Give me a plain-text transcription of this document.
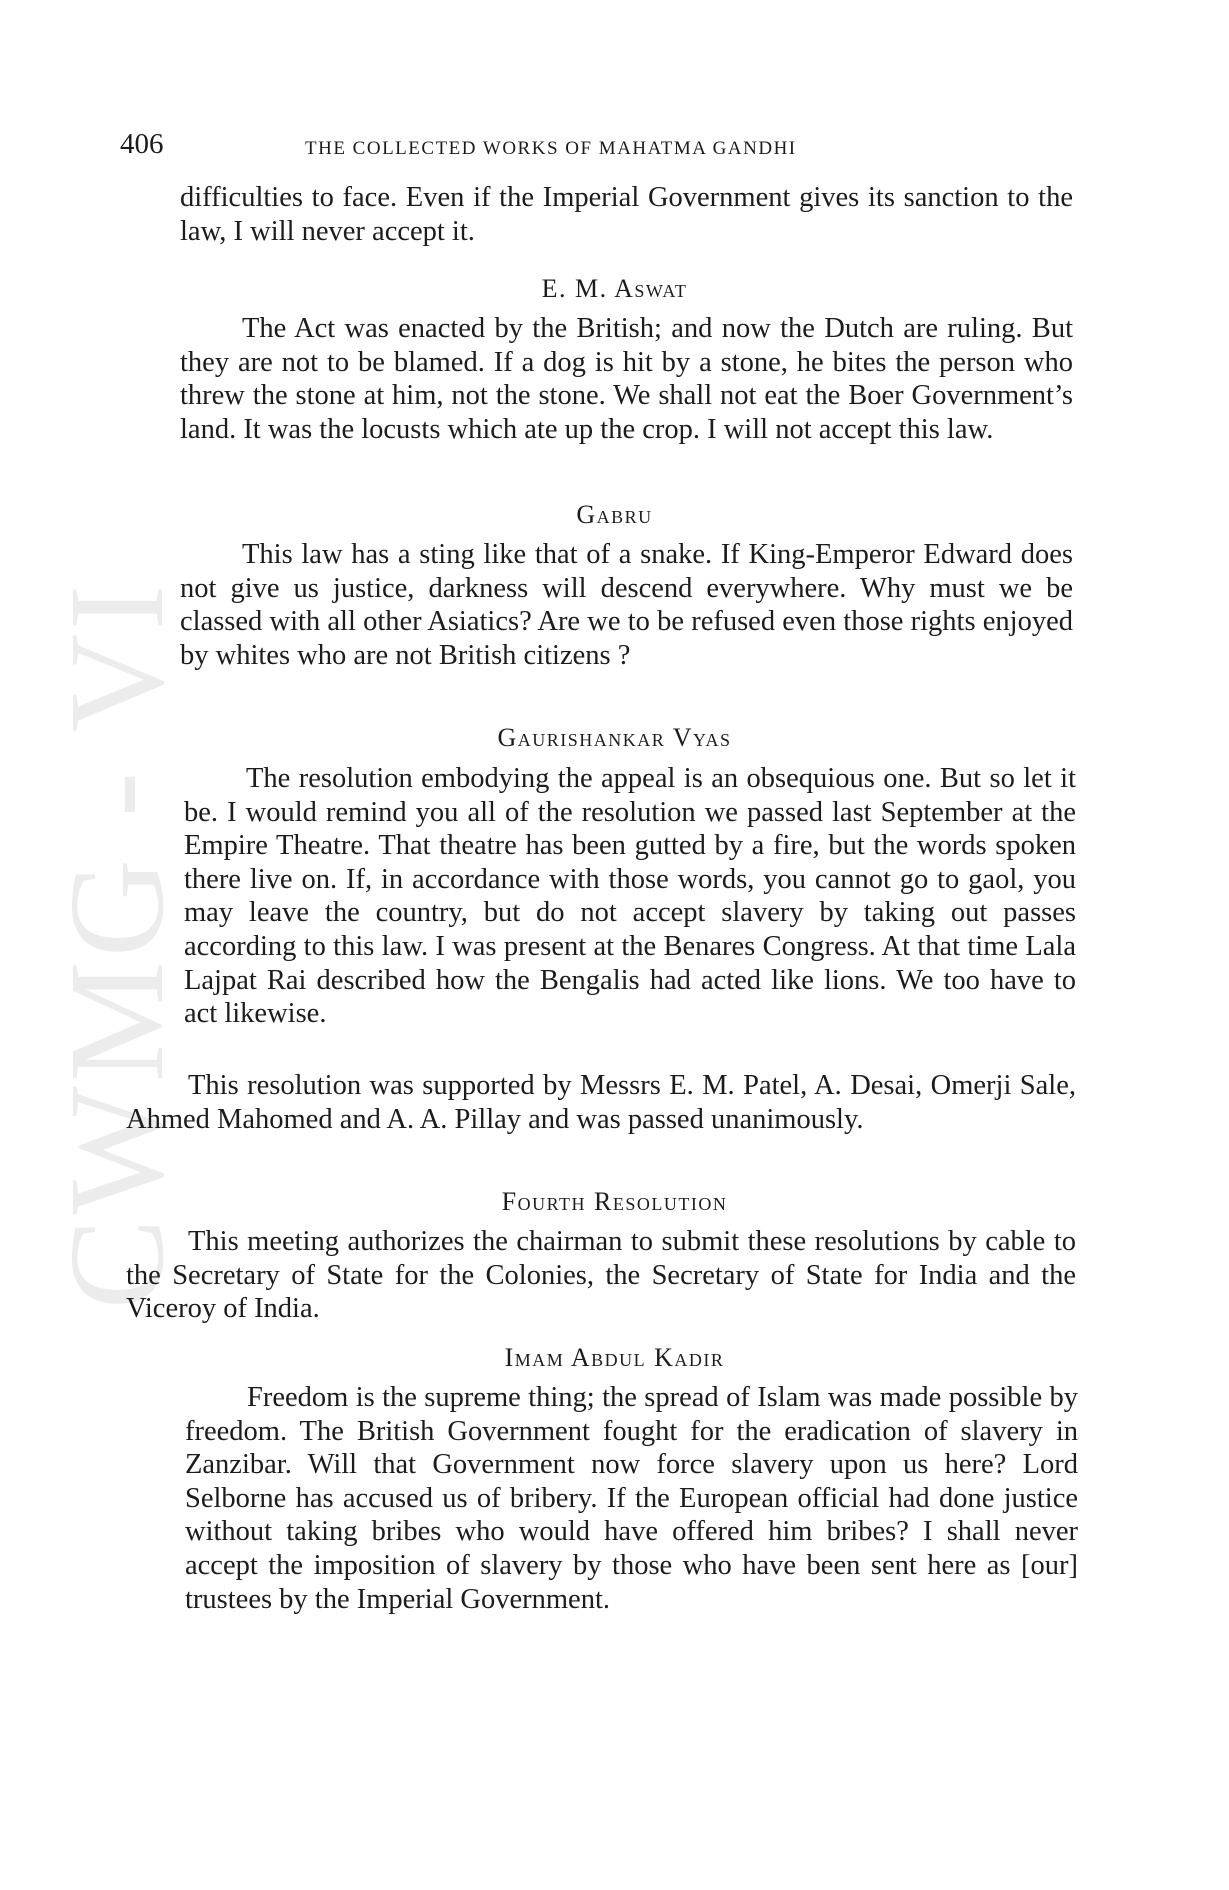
CWMG - VI
406	THE COLLECTED WORKS OF MAHATMA GANDHI

difficulties to face. Even if the Imperial Government gives its sanction to the law, I will never accept it.

E. M. Aswat

The Act was enacted by the British; and now the Dutch are ruling. But they are not to be blamed. If a dog is hit by a stone, he bites the person who threw the stone at him, not the stone. We shall not eat the Boer Government’s land. It was the locusts which ate up the crop. I will not accept this law.

Gabru

This law has a sting like that of a snake. If King-Emperor Edward does not give us justice, darkness will descend everywhere. Why must we be classed with all other Asiatics? Are we to be refused even those rights enjoyed by whites who are not British citizens ?

Gaurishankar Vyas

The resolution embodying the appeal is an obsequious one. But so let it be. I would remind you all of the resolution we passed last September at the Empire Theatre. That theatre has been gutted by a fire, but the words spoken there live on. If, in accordance with those words, you cannot go to gaol, you may leave the country, but do not accept slavery by taking out passes according to this law. I was present at the Benares Congress. At that time Lala Lajpat Rai described how the Bengalis had acted like lions. We too have to act likewise.

This resolution was supported by Messrs E. M. Patel, A. Desai, Omerji Sale, Ahmed Mahomed and A. A. Pillay and was passed unanimously.

Fourth Resolution

This meeting authorizes the chairman to submit these resolutions by cable to the Secretary of State for the Colonies, the Secretary of State for India and the Viceroy of India.

Imam Abdul Kadir

Freedom is the supreme thing; the spread of Islam was made possible by freedom. The British Government fought for the eradication of slavery in Zanzibar. Will that Government now force slavery upon us here? Lord Selborne has accused us of bribery. If the European official had done justice without taking bribes who would have offered him bribes? I shall never accept the imposition of slavery by those who have been sent here as [our] trustees by the Imperial Government.
